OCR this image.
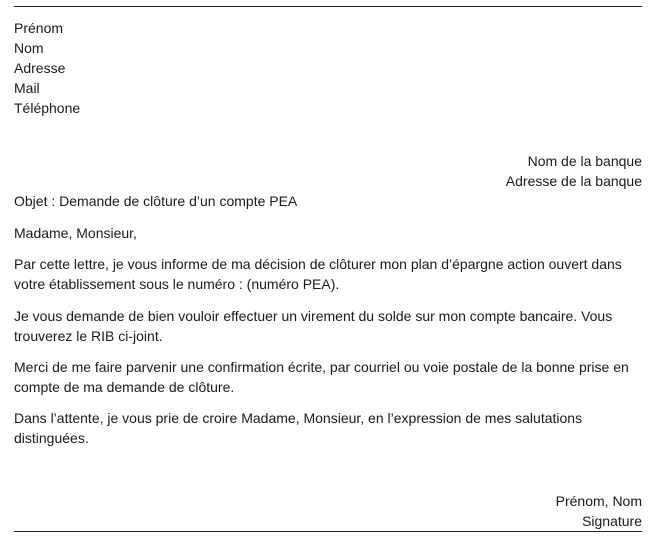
Prénom
Nom
Adresse
Mail
Téléphone
Nom de la banque
Adresse de la banque
Objet : Demande de clôture d’un compte PEA
Madame, Monsieur,
Par cette lettre, je vous informe de ma décision de clôturer mon plan d’épargne action ouvert dans
votre établissement sous le numéro : (numéro PEA).
Je vous demande de bien vouloir effectuer un virement du solde sur mon compte bancaire. Vous
trouverez le RIB ci-joint.
Merci de me faire parvenir une confirmation écrite, par courriel ou voie postale de la bonne prise en
compte de ma demande de clôture.
Dans l’attente, je vous prie de croire Madame, Monsieur, en l’expression de mes salutations
distinguées.
Prénom, Nom
Signature
